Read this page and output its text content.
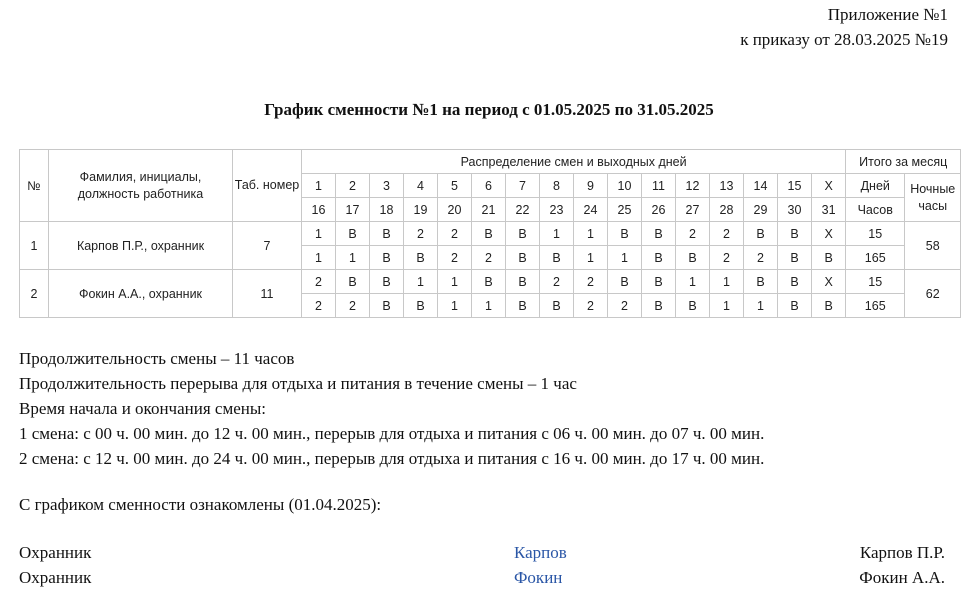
Приложение №1
к приказу от 28.03.2025 №19
График сменности №1 на период с 01.05.2025 по 31.05.2025
№	Фамилия, инициалы, должность работника	Таб. номер	Распределение смен и выходных дней																Итого за месяц	
			1	2	3	4	5	6	7	8	9	10	11	12	13	14	15	X	Дней	Ночные часы
			16	17	18	19	20	21	22	23	24	25	26	27	28	29	30	31	Часов	
1	Карпов П.Р., охранник	7	1	В	В	2	2	В	В	1	1	В	В	2	2	В	В	X	15	58
			1	1	В	В	2	2	В	В	1	1	В	В	2	2	В	В	165	
2	Фокин А.А., охранник	11	2	В	В	1	1	В	В	2	2	В	В	1	1	В	В	X	15	62
			2	2	В	В	1	1	В	В	2	2	В	В	1	1	В	В	165	
Продолжительность смены – 11 часов
Продолжительность перерыва для отдыха и питания в течение смены – 1 час
Время начала и окончания смены:
1 смена: с 00 ч. 00 мин. до 12 ч. 00 мин., перерыв для отдыха и питания с 06 ч. 00 мин. до 07 ч. 00 мин.
2 смена: с 12 ч. 00 мин. до 24 ч. 00 мин., перерыв для отдыха и питания с 16 ч. 00 мин. до 17 ч. 00 мин.
С графиком сменности ознакомлены (01.04.2025):
Охранник	Карпов	Карпов П.Р.
Охранник	Фокин	Фокин А.А.
